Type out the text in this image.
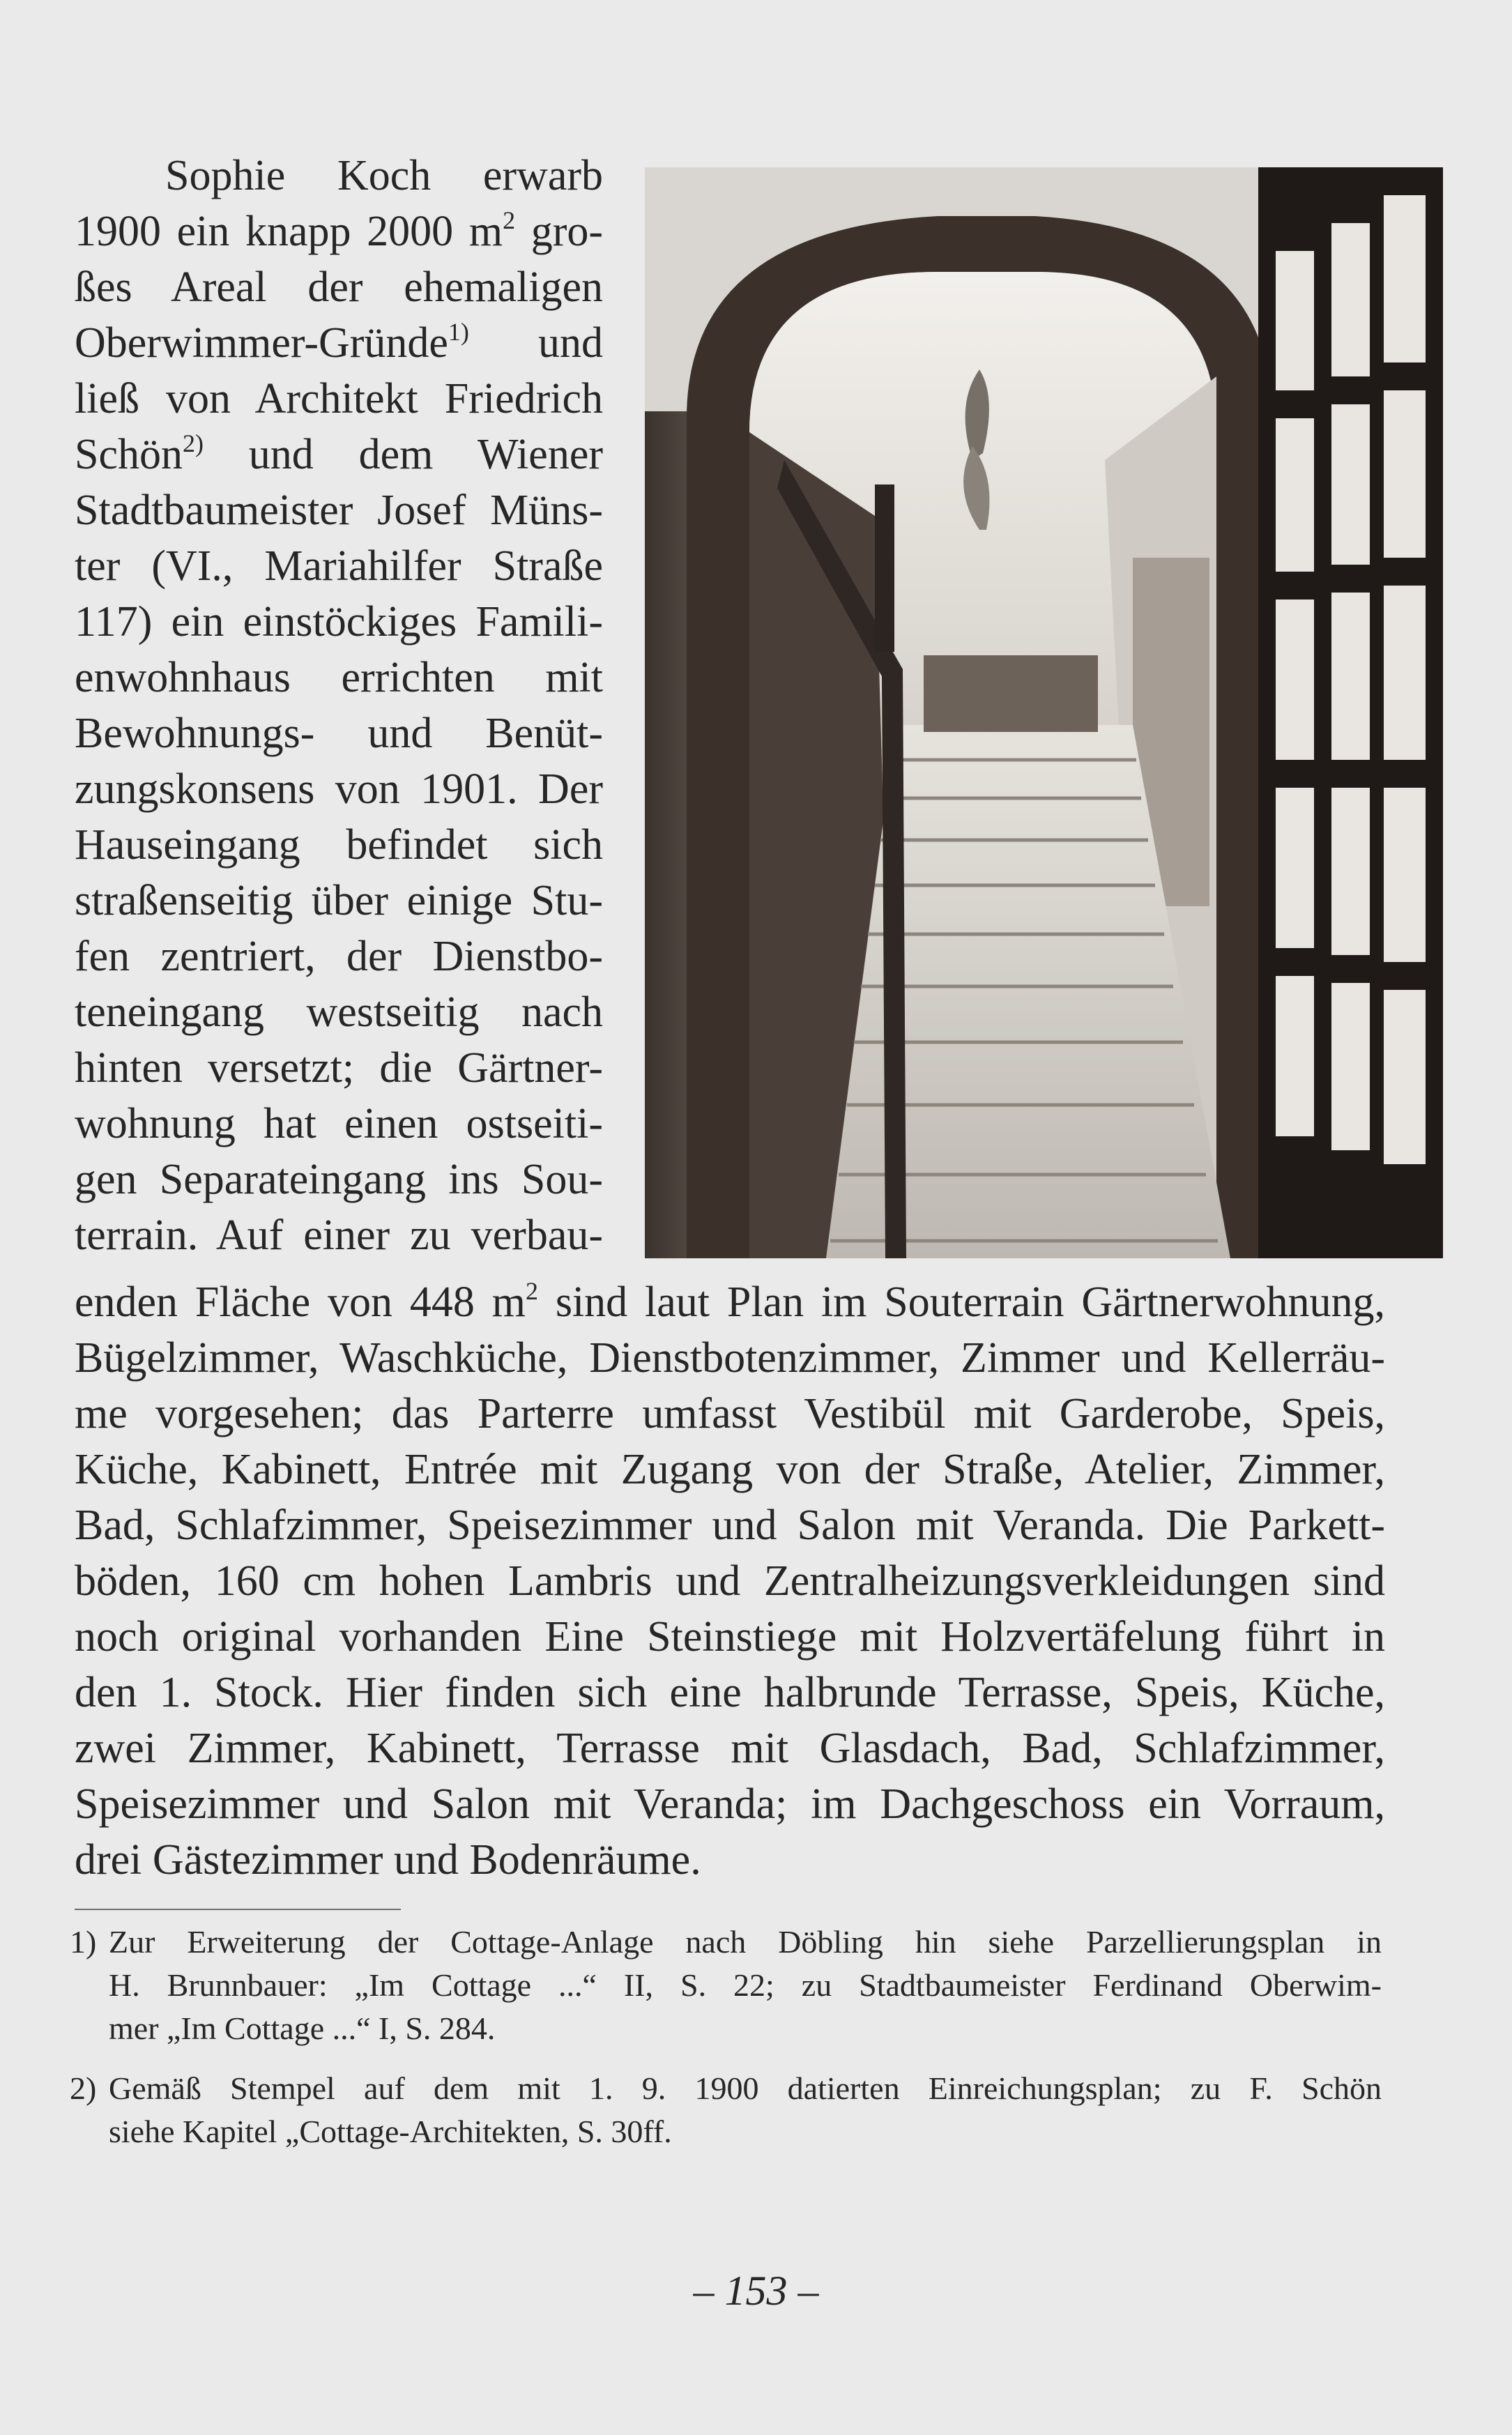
Sophie Koch erwarb
1900 ein knapp 2000 $m^2$ gro-
ßes Areal der ehemaligen
Oberwimmer-Gründe$^{1)}$ und
ließ von Architekt Friedrich
Schön$^{2)}$ und dem Wiener
Stadtbaumeister Josef Müns-
ter (VI., Mariahilfer Straße
117) ein einstöckiges Famili-
enwohnhaus errichten mit
Bewohnungs- und Benüt-
zungskonsens von 1901. Der
Hauseingang befindet sich
straßenseitig über einige Stu-
fen zentriert, der Dienstbo-
teneingang westseitig nach
hinten versetzt; die Gärtner-
wohnung hat einen ostseiti-
gen Separateingang ins Sou-
terrain. Auf einer zu verbau-
enden Fläche von 448 $m^2$ sind laut Plan im Souterrain Gärtnerwohnung,
Bügelzimmer, Waschküche, Dienstbotenzimmer, Zimmer und Kellerräu-
me vorgesehen; das Parterre umfasst Vestibül mit Garderobe, Speis,
Küche, Kabinett, Entrée mit Zugang von der Straße, Atelier, Zimmer,
Bad, Schlafzimmer, Speisezimmer und Salon mit Veranda. Die Parkett-
böden, 160 cm hohen Lambris und Zentralheizungsverkleidungen sind
noch original vorhanden Eine Steinstiege mit Holzvertäfelung führt in
den 1. Stock. Hier finden sich eine halbrunde Terrasse, Speis, Küche,
zwei Zimmer, Kabinett, Terrasse mit Glasdach, Bad, Schlafzimmer,
Speisezimmer und Salon mit Veranda; im Dachgeschoss ein Vorraum,
drei Gästezimmer und Bodenräume.
1) Zur Erweiterung der Cottage-Anlage nach Döbling hin siehe Parzellierungsplan in
H. Brunnbauer: „Im Cottage ...“ II, S. 22; zu Stadtbaumeister Ferdinand Oberwim-
mer „Im Cottage ...“ I, S. 284.
2) Gemäß Stempel auf dem mit 1. 9. 1900 datierten Einreichungsplan; zu F. Schön
siehe Kapitel „Cottage-Architekten, S. 30ff.
– 153 –
